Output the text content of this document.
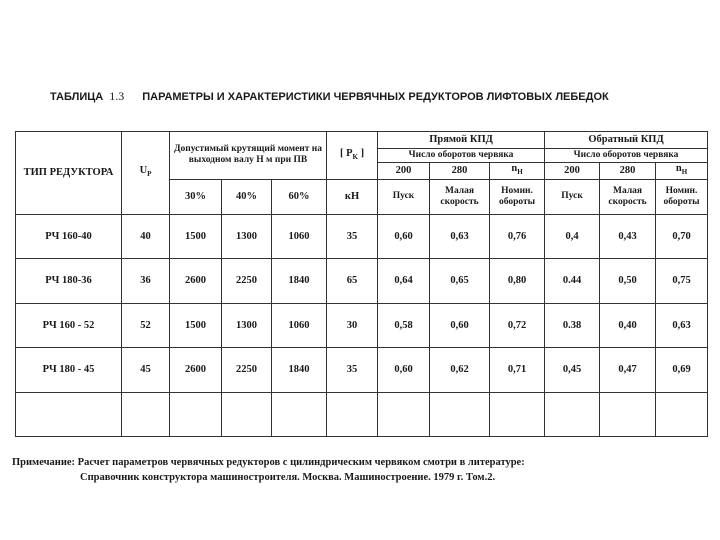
ТАБЛИЦА 1.3 ПАРАМЕТРЫ И ХАРАКТЕРИСТИКИ ЧЕРВЯЧНЫХ РЕДУКТОРОВ ЛИФТОВЫХ ЛЕБЕДОК
ТИП РЕДУКТОРА	$U_P$	Допустимый крутящий момент на выходном валу Н м при ПВ			[ $P_K$ ]	Прямой КПД			Обратный КПД		
						Число оборотов червяка			Число оборотов червяка		
						200	280	$n_H$	200	280	$n_H$
		30%	40%	60%	кН	Пуск	Малая скорость	Номин. обороты	Пуск	Малая скорость	Номин. обороты
РЧ 160-40	40	1500	1300	1060	35	0,60	0,63	0,76	0,4	0,43	0,70
РЧ 180-36	36	2600	2250	1840	65	0,64	0,65	0,80	0.44	0,50	0,75
РЧ 160 - 52	52	1500	1300	1060	30	0,58	0,60	0,72	0.38	0,40	0,63
РЧ 180 - 45	45	2600	2250	1840	35	0,60	0,62	0,71	0,45	0,47	0,69

Примечание: Расчет параметров червячных редукторов с цилиндрическим червяком смотри в литературе:
Справочник конструктора машиностроителя. Москва. Машиностроение. 1979 г. Том.2.
